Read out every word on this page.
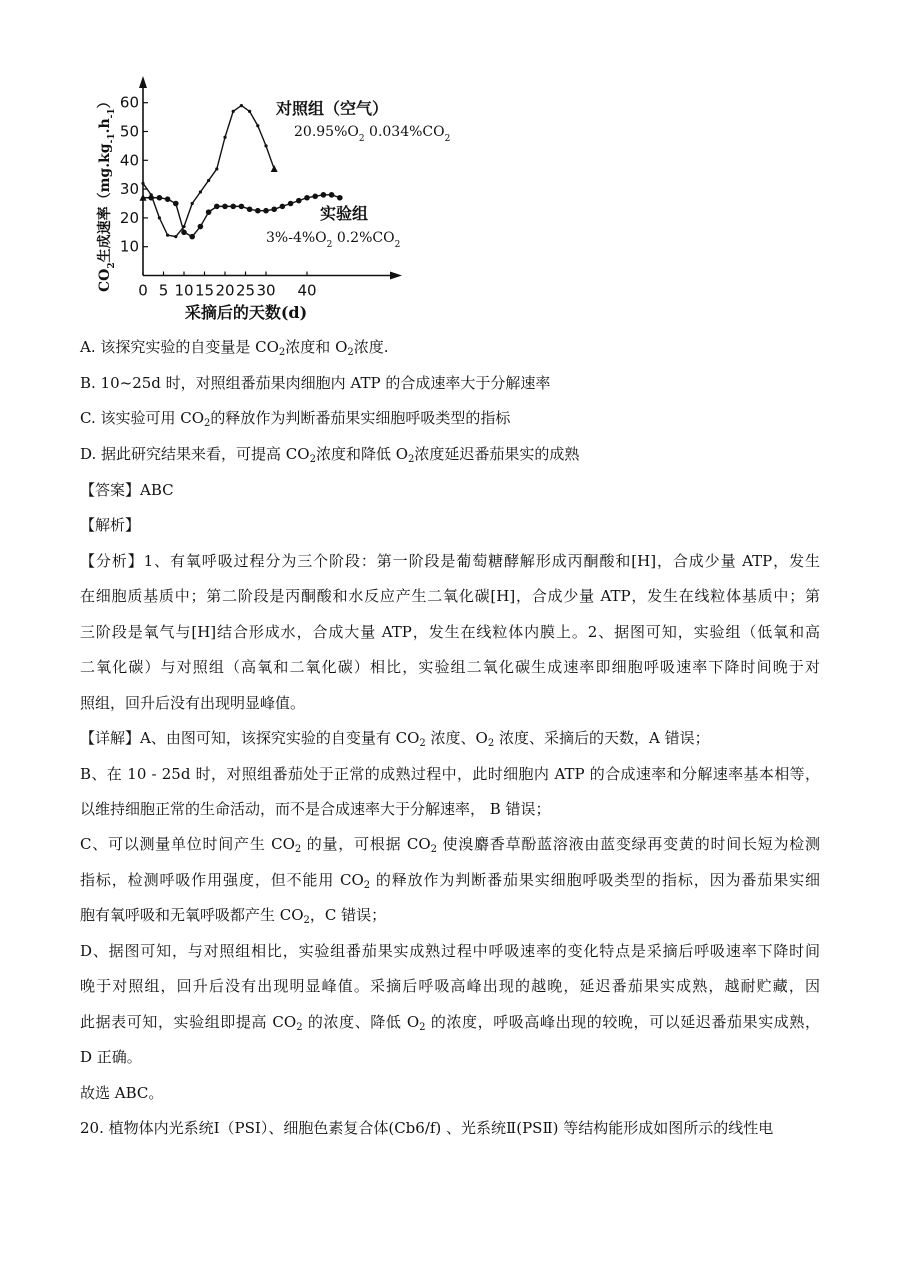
10
20
30
40
50
60
0 5 10 15 20 25 30 40
$CO_2$生成速率$(mg.kg_{-1}.h_{-1})$
采摘后的天数(d)
对照组（空气）
$20.95\%O_2$ $0.034\%CO_2$
实验组
$3\%-4\%O_2$ $0.2\%CO_2$
A. 该探究实验的自变量是 $CO_2$浓度和 $O_2$浓度.
B. 10~25d 时，对照组番茄果肉细胞内 ATP 的合成速率大于分解速率
C. 该实验可用 $CO_2$的释放作为判断番茄果实细胞呼吸类型的指标
D. 据此研究结果来看，可提高 $CO_2$浓度和降低 $O_2$浓度延迟番茄果实的成熟
【答案】ABC
【解析】
【分析】1、有氧呼吸过程分为三个阶段：第一阶段是葡萄糖酵解形成丙酮酸和[H]，合成少量 ATP，发生
在细胞质基质中；第二阶段是丙酮酸和水反应产生二氧化碳[H]，合成少量 ATP，发生在线粒体基质中；第
三阶段是氧气与[H]结合形成水，合成大量 ATP，发生在线粒体内膜上。2、据图可知，实验组（低氧和高
二氧化碳）与对照组（高氧和二氧化碳）相比，实验组二氧化碳生成速率即细胞呼吸速率下降时间晚于对
照组，回升后没有出现明显峰值。
【详解】A、由图可知，该探究实验的自变量有 $CO_2$ 浓度、$O_2$ 浓度、采摘后的天数，A 错误；
B、在 10 - 25d 时，对照组番茄处于正常的成熟过程中，此时细胞内 ATP 的合成速率和分解速率基本相等，
以维持细胞正常的生命活动，而不是合成速率大于分解速率， B 错误；
C、可以测量单位时间产生 $CO_2$ 的量，可根据 $CO_2$ 使溴麝香草酚蓝溶液由蓝变绿再变黄的时间长短为检测
指标，检测呼吸作用强度，但不能用 $CO_2$ 的释放作为判断番茄果实细胞呼吸类型的指标，因为番茄果实细
胞有氧呼吸和无氧呼吸都产生 $CO_2$，C 错误；
D、据图可知，与对照组相比，实验组番茄果实成熟过程中呼吸速率的变化特点是采摘后呼吸速率下降时间
晚于对照组，回升后没有出现明显峰值。采摘后呼吸高峰出现的越晚，延迟番茄果实成熟，越耐贮藏，因
此据表可知，实验组即提高 $CO_2$ 的浓度、降低 $O_2$ 的浓度，呼吸高峰出现的较晚，可以延迟番茄果实成熟，
D 正确。
故选 ABC。
20. 植物体内光系统Ⅰ（PSⅠ）、细胞色素复合体(Cb6/f) 、光系统Ⅱ(PSⅡ) 等结构能形成如图所示的线性电
